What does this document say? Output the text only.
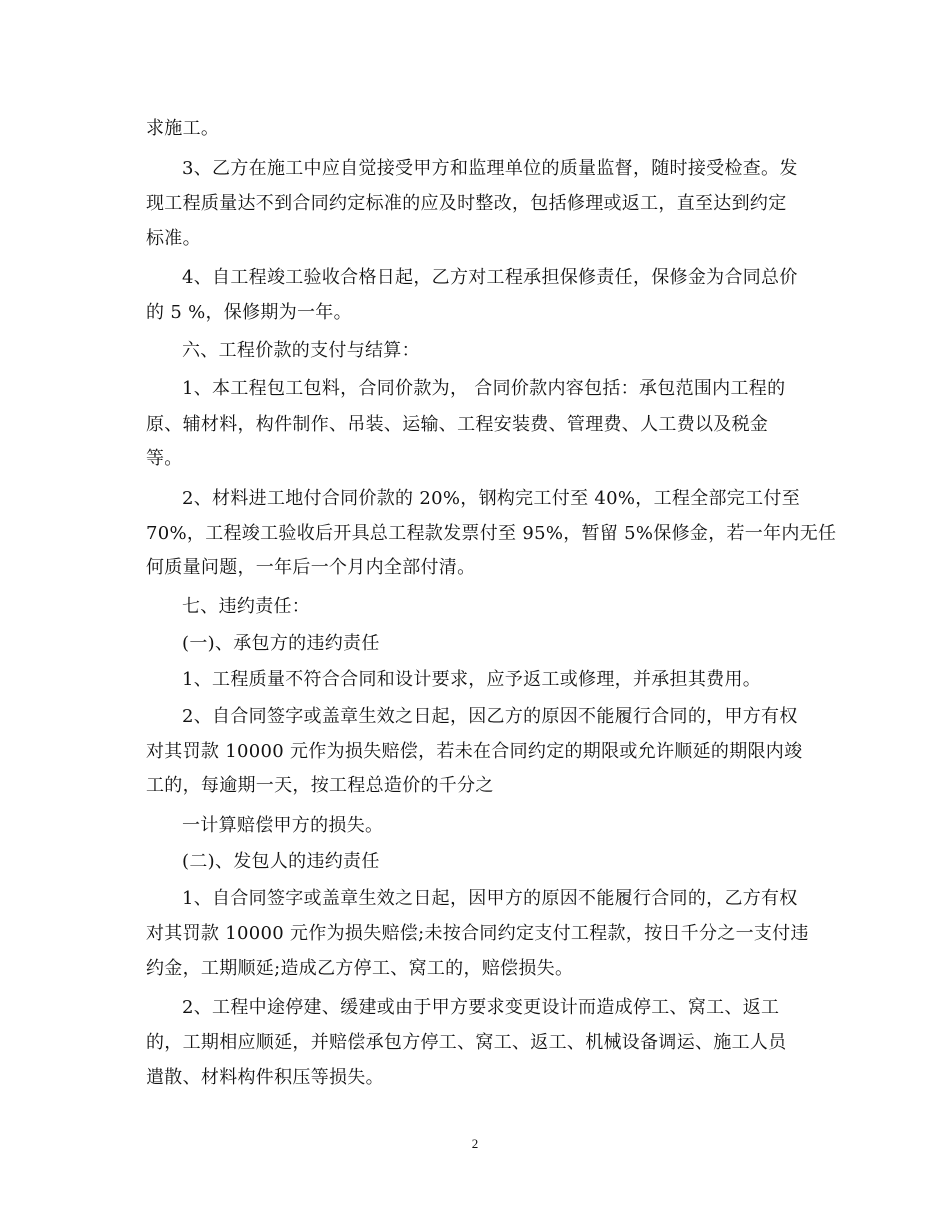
求施工。
3、乙方在施工中应自觉接受甲方和监理单位的质量监督，随时接受检查。发
现工程质量达不到合同约定标准的应及时整改，包括修理或返工，直至达到约定
标准。
4、自工程竣工验收合格日起，乙方对工程承担保修责任，保修金为合同总价
的 5 %，保修期为一年。
六、工程价款的支付与结算：
1、本工程包工包料，合同价款为， 合同价款内容包括：承包范围内工程的
原、辅材料，构件制作、吊装、运输、工程安装费、管理费、人工费以及税金
等。
2、材料进工地付合同价款的 20%，钢构完工付至 40%，工程全部完工付至
70%，工程竣工验收后开具总工程款发票付至 95%，暂留 5%保修金，若一年内无任
何质量问题，一年后一个月内全部付清。
七、违约责任：
(一)、承包方的违约责任
1、工程质量不符合合同和设计要求，应予返工或修理，并承担其费用。
2、自合同签字或盖章生效之日起，因乙方的原因不能履行合同的，甲方有权
对其罚款 10000 元作为损失赔偿，若未在合同约定的期限或允许顺延的期限内竣
工的，每逾期一天，按工程总造价的千分之
一计算赔偿甲方的损失。
(二)、发包人的违约责任
1、自合同签字或盖章生效之日起，因甲方的原因不能履行合同的，乙方有权
对其罚款 10000 元作为损失赔偿;未按合同约定支付工程款，按日千分之一支付违
约金，工期顺延;造成乙方停工、窝工的，赔偿损失。
2、工程中途停建、缓建或由于甲方要求变更设计而造成停工、窝工、返工
的，工期相应顺延，并赔偿承包方停工、窝工、返工、机械设备调运、施工人员
遣散、材料构件积压等损失。
2
